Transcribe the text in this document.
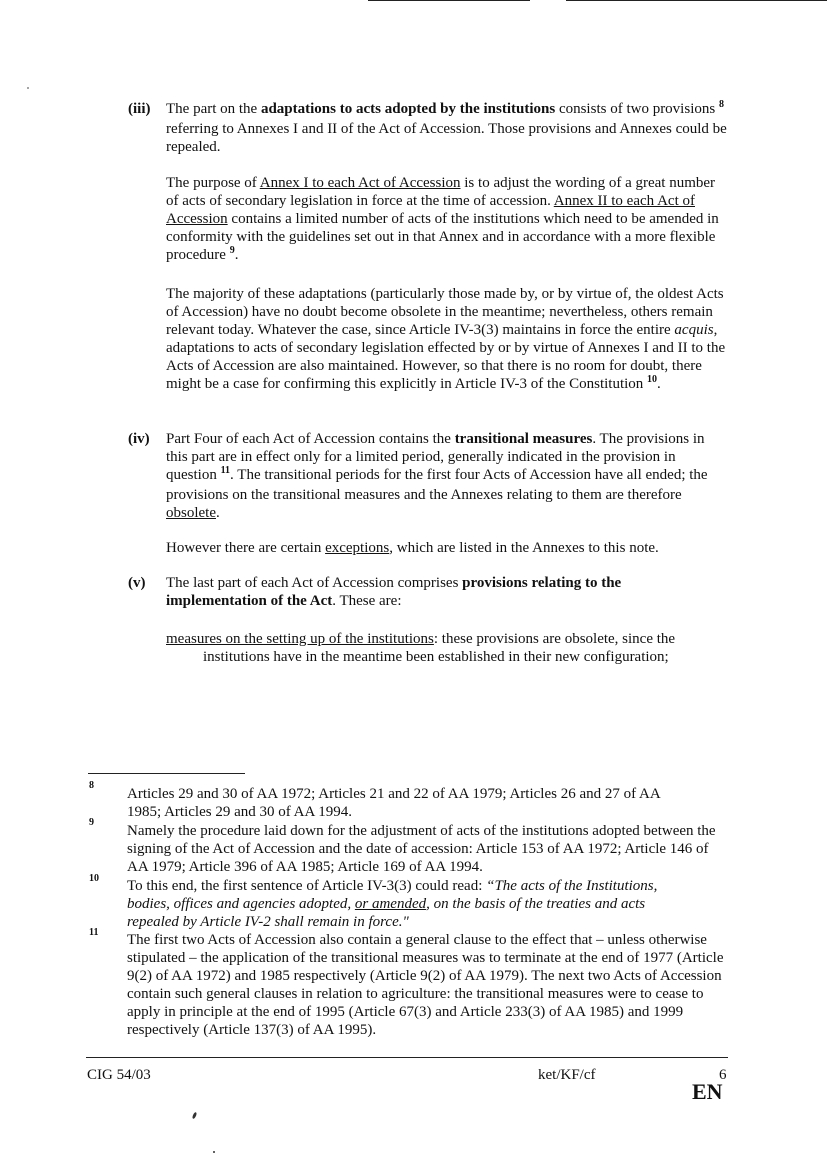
(iii) The part on the adaptations to acts adopted by the institutions consists of two provisions $^8$ referring to Annexes I and II of the Act of Accession. Those provisions and Annexes could be repealed.
The purpose of Annex I to each Act of Accession is to adjust the wording of a great number of acts of secondary legislation in force at the time of accession. Annex II to each Act of Accession contains a limited number of acts of the institutions which need to be amended in conformity with the guidelines set out in that Annex and in accordance with a more flexible procedure $^9$.
The majority of these adaptations (particularly those made by, or by virtue of, the oldest Acts of Accession) have no doubt become obsolete in the meantime; nevertheless, others remain relevant today. Whatever the case, since Article IV-3(3) maintains in force the entire acquis, adaptations to acts of secondary legislation effected by or by virtue of Annexes I and II to the Acts of Accession are also maintained. However, so that there is no room for doubt, there might be a case for confirming this explicitly in Article IV-3 of the Constitution $^{10}$.
(iv) Part Four of each Act of Accession contains the transitional measures. The provisions in this part are in effect only for a limited period, generally indicated in the provision in question $^{11}$. The transitional periods for the first four Acts of Accession have all ended; the provisions on the transitional measures and the Annexes relating to them are therefore obsolete.
However there are certain exceptions, which are listed in the Annexes to this note.
(v) The last part of each Act of Accession comprises provisions relating to the implementation of the Act. These are:
measures on the setting up of the institutions: these provisions are obsolete, since the
institutions have in the meantime been established in their new configuration;
8
Articles 29 and 30 of AA 1972; Articles 21 and 22 of AA 1979; Articles 26 and 27 of AA 1985; Articles 29 and 30 of AA 1994.
9
Namely the procedure laid down for the adjustment of acts of the institutions adopted between the signing of the Act of Accession and the date of accession: Article 153 of AA 1972; Article 146 of AA 1979; Article 396 of AA 1985; Article 169 of AA 1994.
10 To this end, the first sentence of Article IV-3(3) could read: “The acts of the Institutions, bodies, offices and agencies adopted, or amended, on the basis of the treaties and acts repealed by Article IV-2 shall remain in force."
11 The first two Acts of Accession also contain a general clause to the effect that – unless otherwise stipulated – the application of the transitional measures was to terminate at the end of 1977 (Article 9(2) of AA 1972) and 1985 respectively (Article 9(2) of AA 1979). The next two Acts of Accession contain such general clauses in relation to agriculture: the transitional measures were to cease to apply in principle at the end of 1995 (Article 67(3) and Article 233(3) of AA 1985) and 1999 respectively (Article 137(3) of AA 1995).
CIG 54/03	ket/KF/cf	6
EN
